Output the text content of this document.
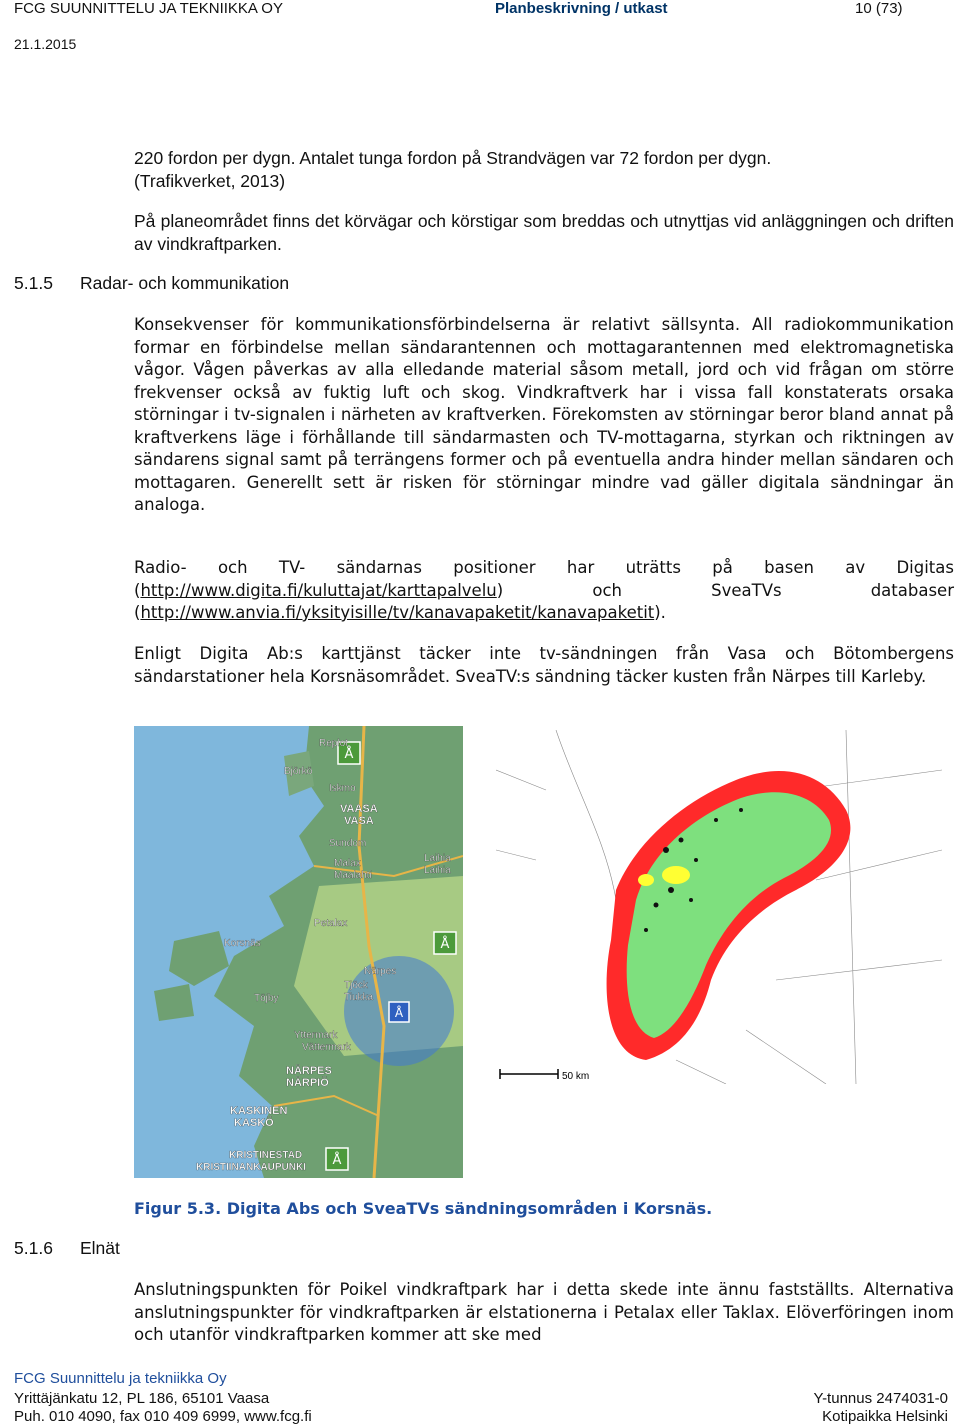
FCG SUUNNITTELU JA TEKNIIKKA OY	Planbeskrivning / utkast	10 (73)
21.1.2015
220 fordon per dygn. Antalet tunga fordon på Strandvägen var 72 fordon per dygn.
(Trafikverket, 2013)
På planeområdet finns det körvägar och körstigar som breddas och utnyttjas vid anläggningen och driften av vindkraftparken.
5.1.5 Radar- och kommunikation
Konsekvenser för kommunikationsförbindelserna är relativt sällsynta. All radiokommunikation formar en förbindelse mellan sändarantennen och mottagarantennen med elektromagnetiska vågor. Vågen påverkas av alla elledande material såsom metall, jord och vid frågan om större frekvenser också av fuktig luft och skog. Vindkraftverk har i vissa fall konstaterats orsaka störningar i tv-signalen i närheten av kraftverken. Förekomsten av störningar beror bland annat på kraftverkens läge i förhållande till sändarmasten och TV-mottagarna, styrkan och riktningen av sändarens signal samt på terrängens former och på eventuella andra hinder mellan sändaren och mottagaren. Generellt sett är risken för störningar mindre vad gäller digitala sändningar än analoga.
Radio- och TV- sändarnas positioner har uträtts på basen av Digitas (http://www.digita.fi/kuluttajat/karttapalvelu) och SveaTVs databaser (http://www.anvia.fi/yksityisille/tv/kanavapaketit/kanavapaketit).
Enligt Digita Ab:s karttjänst täcker inte tv-sändningen från Vasa och Bötombergens sändarstationer hela Korsnäsområdet. SveaTV:s sändning täcker kusten från Närpes till Karleby.
Å
Å
Å
Å
Replot
Björkö
Iskmo
VAASA
VASA
Sundom
Malax
Maalahti
Laihia
Laihia
Petalax
Korsnäs
Tjöck
Tiukka
Närpes
Töjby
Yttermark
Vättermark
NÄRPES
NÄRPIÖ
KASKINEN
KASKÖ
KRISTINESTAD
KRISTIINANKAUPUNKI
50 km
Figur 5.3. Digita Abs och SveaTVs sändningsområden i Korsnäs.
5.1.6 Elnät
Anslutningspunkten för Poikel vindkraftpark har i detta skede inte ännu fastställts. Alternativa anslutningspunkter för vindkraftparken är elstationerna i Petalax eller Taklax. Elöverföringen inom och utanför vindkraftparken kommer att ske med
FCG Suunnittelu ja tekniikka Oy
Yrittäjänkatu 12, PL 186, 65101 Vaasa
Puh. 010 4090, fax 010 409 6999, www.fcg.fi
Y-tunnus 2474031-0
Kotipaikka Helsinki
